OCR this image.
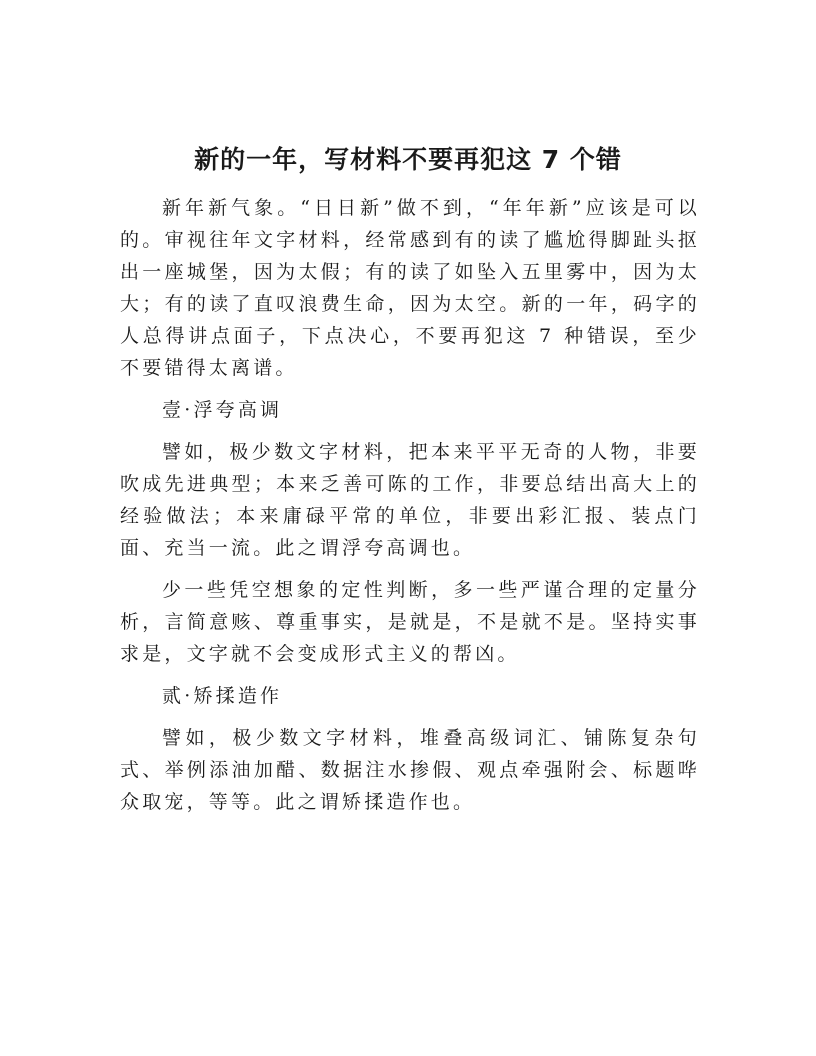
新的一年，写材料不要再犯这 7 个错

新年新气象。“日日新”做不到，“年年新”应该是可以的。审视往年文字材料，经常感到有的读了尴尬得脚趾头抠出一座城堡，因为太假；有的读了如坠入五里雾中，因为太大；有的读了直叹浪费生命，因为太空。新的一年，码字的人总得讲点面子，下点决心，不要再犯这 7 种错误，至少不要错得太离谱。

壹·浮夸高调

譬如，极少数文字材料，把本来平平无奇的人物，非要吹成先进典型；本来乏善可陈的工作，非要总结出高大上的经验做法；本来庸碌平常的单位，非要出彩汇报、装点门面、充当一流。此之谓浮夸高调也。

少一些凭空想象的定性判断，多一些严谨合理的定量分析，言简意赅、尊重事实，是就是，不是就不是。坚持实事求是，文字就不会变成形式主义的帮凶。

贰·矫揉造作

譬如，极少数文字材料，堆叠高级词汇、铺陈复杂句式、举例添油加醋、数据注水掺假、观点牵强附会、标题哗众取宠，等等。此之谓矫揉造作也。
